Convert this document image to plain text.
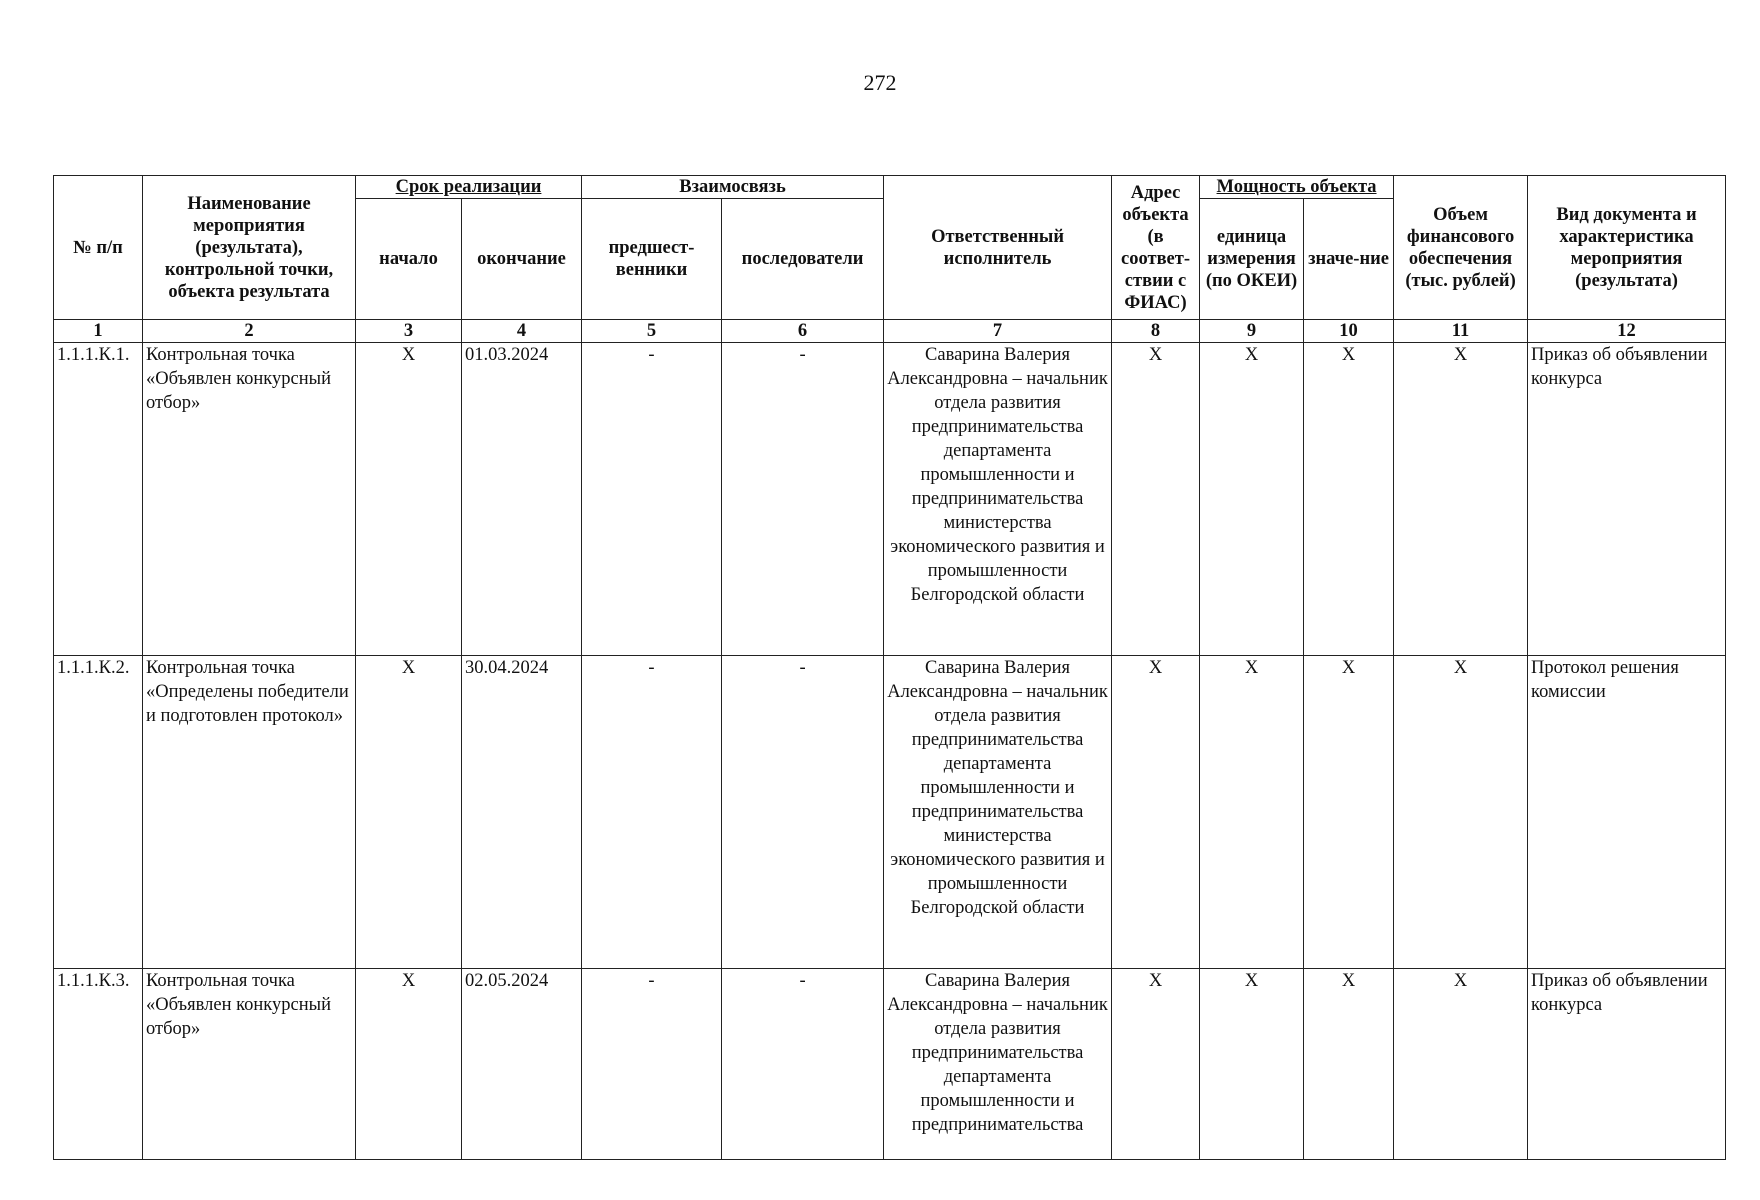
272
№ п/п	Наименование мероприятия (результата), контрольной точки, объекта результата	Срок реализации		Взаимосвязь		Ответственный исполнитель	Адрес объекта (в соответ-ствии с ФИАС)	Мощность объекта		Объем финансового обеспечения (тыс. рублей)	Вид документа и характеристика мероприятия (результата)
		начало	окончание	предшест-венники	последователи			единица измерения (по ОКЕИ)	значе-ние		
1	2	3	4	5	6	7	8	9	10	11	12
1.1.1.К.1.	Контрольная точка «Объявлен конкурсный отбор»	X	01.03.2024	-	-	Саварина Валерия Александровна – начальник отдела развития предпринимательства департамента промышленности и предпринимательства министерства экономического развития и промышленности Белгородской области	X	X	X	X	Приказ об объявлении конкурса
1.1.1.К.2.	Контрольная точка «Определены победители и подготовлен протокол»	X	30.04.2024	-	-	Саварина Валерия Александровна – начальник отдела развития предпринимательства департамента промышленности и предпринимательства министерства экономического развития и промышленности Белгородской области	X	X	X	X	Протокол решения комиссии
1.1.1.К.3.	Контрольная точка «Объявлен конкурсный отбор»	X	02.05.2024	-	-	Саварина Валерия Александровна – начальник отдела развития предпринимательства департамента промышленности и предпринимательства	X	X	X	X	Приказ об объявлении конкурса
